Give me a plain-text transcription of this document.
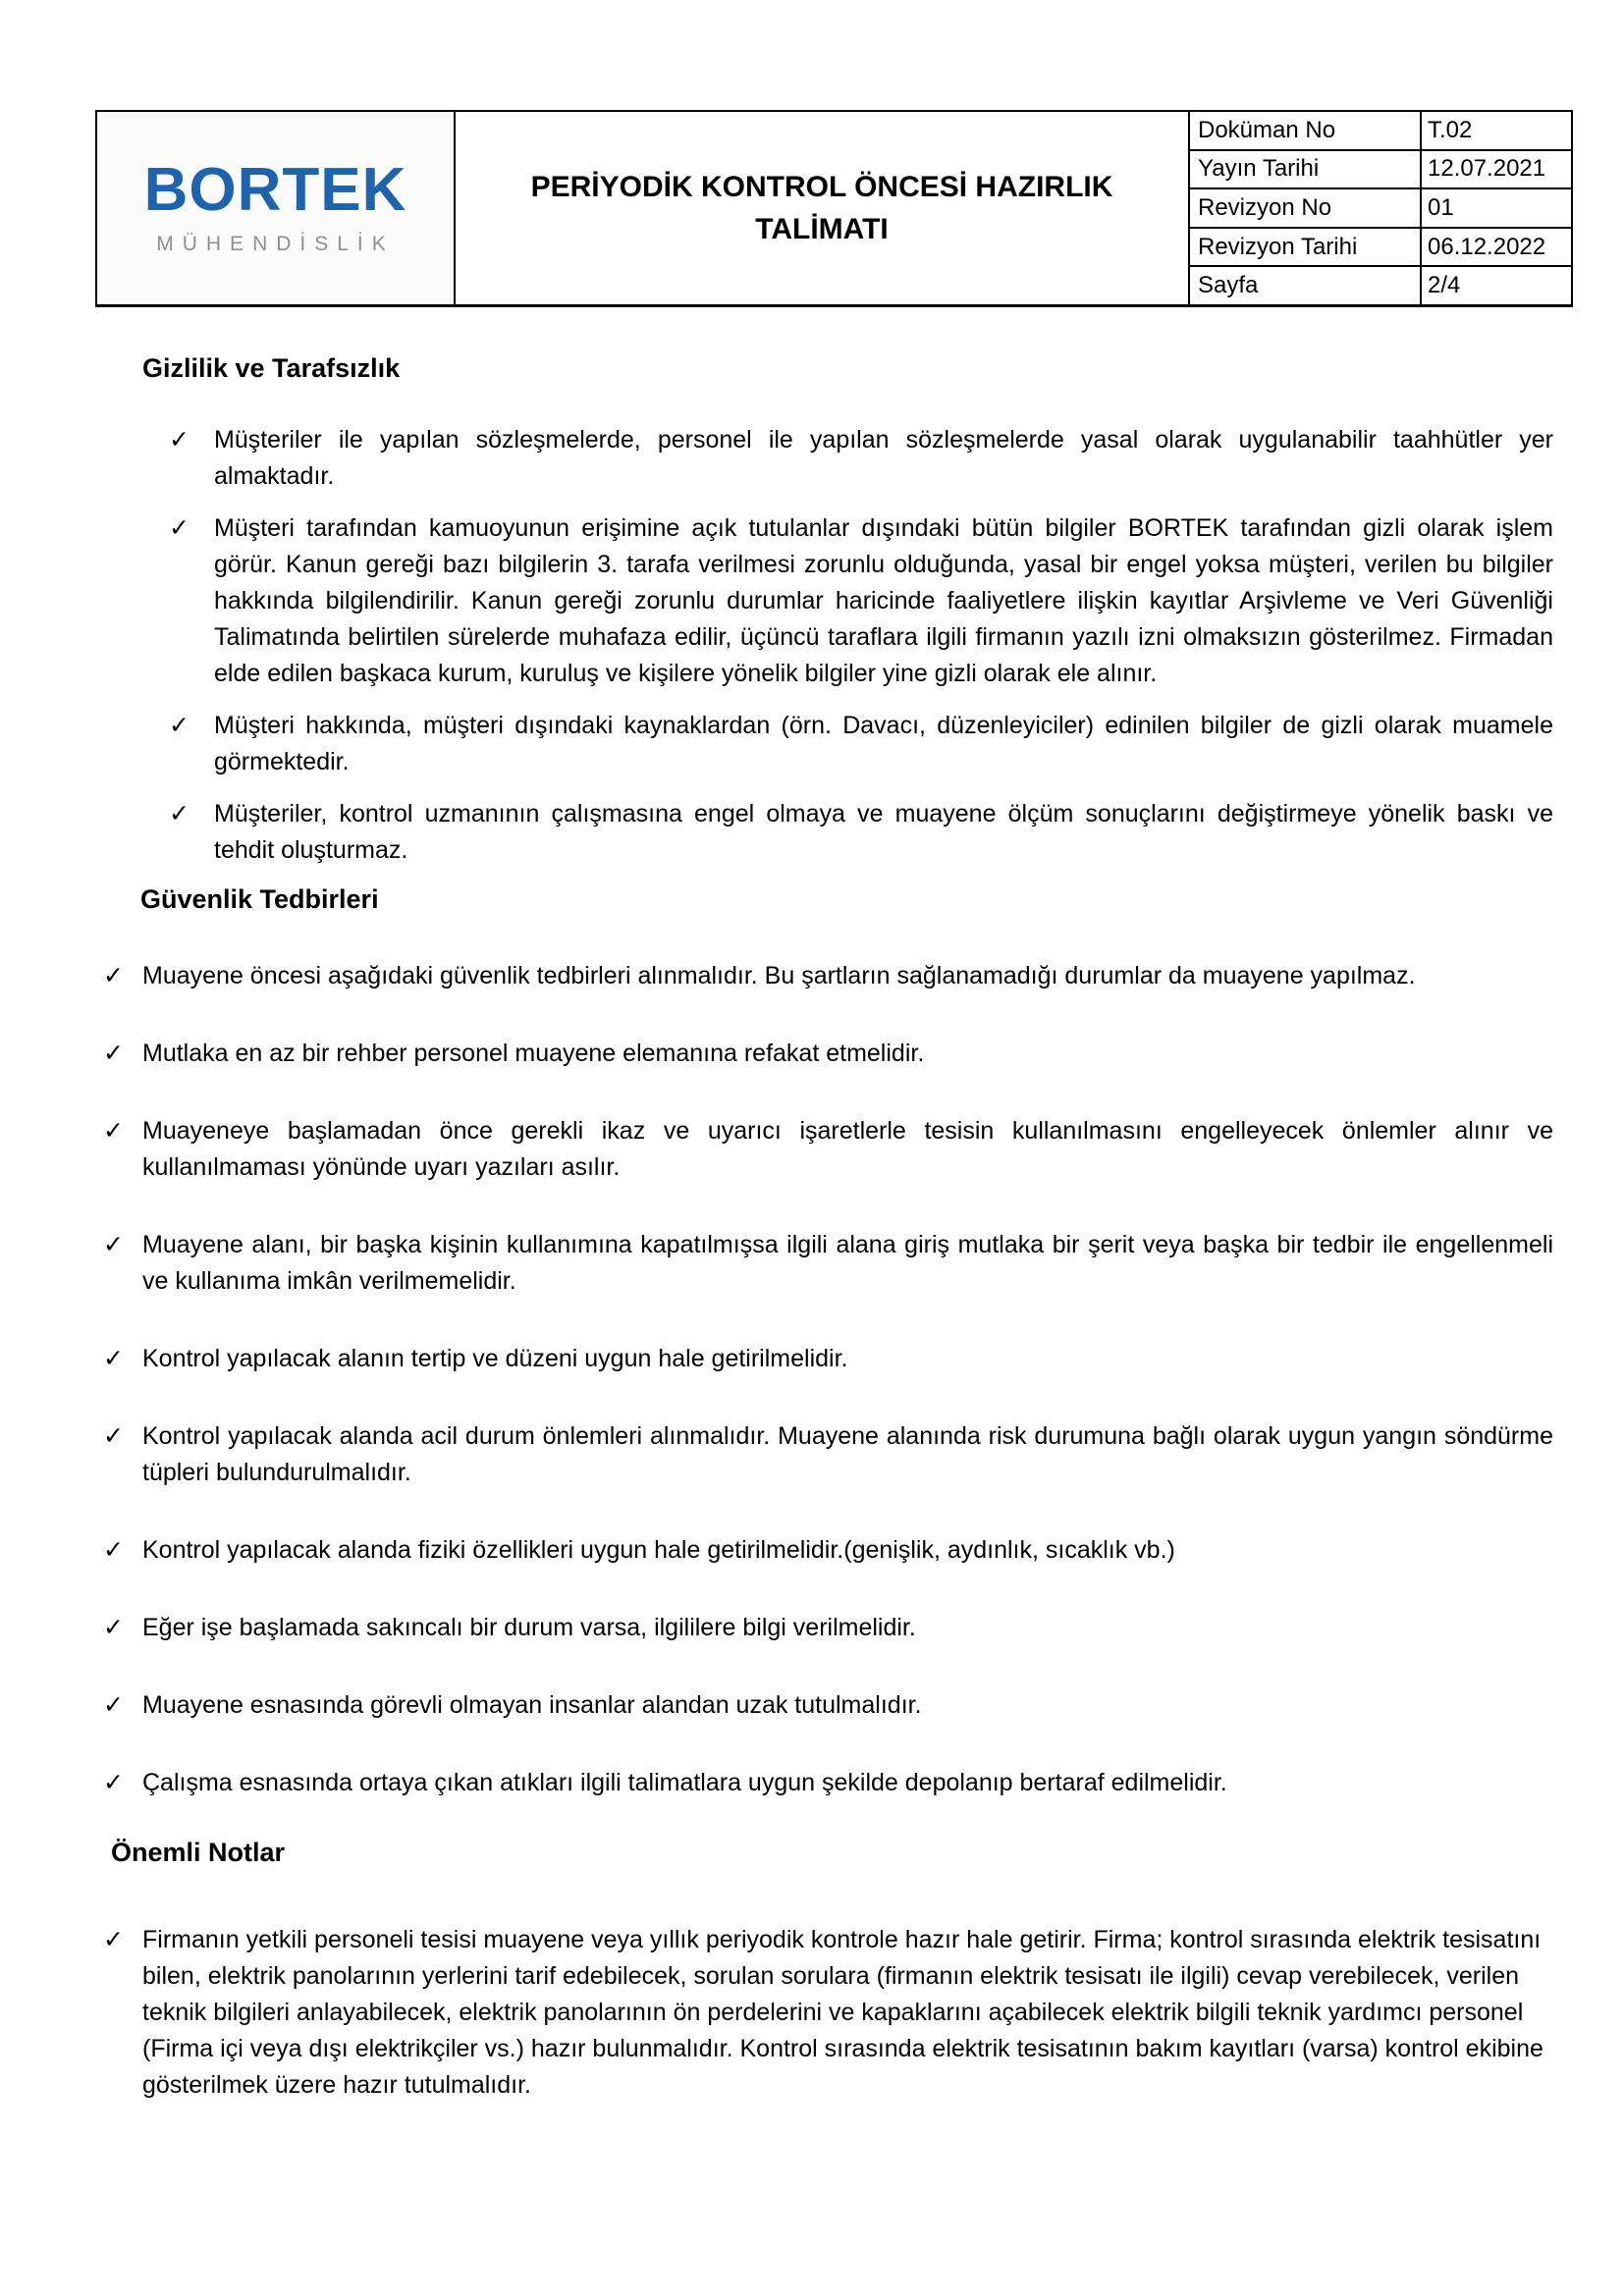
BORTEK
MÜHENDİSLİK
PERİYODİK KONTROL ÖNCESİ HAZIRLIK TALİMATI
Doküman No	T.02
Yayın Tarihi	12.07.2021
Revizyon No	01
Revizyon Tarihi	06.12.2022
Sayfa	2/4
Gizlilik ve Tarafsızlık
✓ Müşteriler ile yapılan sözleşmelerde, personel ile yapılan sözleşmelerde yasal olarak uygulanabilir taahhütler yer almaktadır.
✓ Müşteri tarafından kamuoyunun erişimine açık tutulanlar dışındaki bütün bilgiler BORTEK tarafından gizli olarak işlem görür. Kanun gereği bazı bilgilerin 3. tarafa verilmesi zorunlu olduğunda, yasal bir engel yoksa müşteri, verilen bu bilgiler hakkında bilgilendirilir. Kanun gereği zorunlu durumlar haricinde faaliyetlere ilişkin kayıtlar Arşivleme ve Veri Güvenliği Talimatında belirtilen sürelerde muhafaza edilir, üçüncü taraflara ilgili firmanın yazılı izni olmaksızın gösterilmez. Firmadan elde edilen başkaca kurum, kuruluş ve kişilere yönelik bilgiler yine gizli olarak ele alınır.
✓ Müşteri hakkında, müşteri dışındaki kaynaklardan (örn. Davacı, düzenleyiciler) edinilen bilgiler de gizli olarak muamele görmektedir.
✓ Müşteriler, kontrol uzmanının çalışmasına engel olmaya ve muayene ölçüm sonuçlarını değiştirmeye yönelik baskı ve tehdit oluşturmaz.
Güvenlik Tedbirleri
✓ Muayene öncesi aşağıdaki güvenlik tedbirleri alınmalıdır. Bu şartların sağlanamadığı durumlar da muayene yapılmaz.
✓ Mutlaka en az bir rehber personel muayene elemanına refakat etmelidir.
✓ Muayeneye başlamadan önce gerekli ikaz ve uyarıcı işaretlerle tesisin kullanılmasını engelleyecek önlemler alınır ve kullanılmaması yönünde uyarı yazıları asılır.
✓ Muayene alanı, bir başka kişinin kullanımına kapatılmışsa ilgili alana giriş mutlaka bir şerit veya başka bir tedbir ile engellenmeli ve kullanıma imkân verilmemelidir.
✓ Kontrol yapılacak alanın tertip ve düzeni uygun hale getirilmelidir.
✓ Kontrol yapılacak alanda acil durum önlemleri alınmalıdır. Muayene alanında risk durumuna bağlı olarak uygun yangın söndürme tüpleri bulundurulmalıdır.
✓ Kontrol yapılacak alanda fiziki özellikleri uygun hale getirilmelidir.(genişlik, aydınlık, sıcaklık vb.)
✓ Eğer işe başlamada sakıncalı bir durum varsa, ilgililere bilgi verilmelidir.
✓ Muayene esnasında görevli olmayan insanlar alandan uzak tutulmalıdır.
✓ Çalışma esnasında ortaya çıkan atıkları ilgili talimatlara uygun şekilde depolanıp bertaraf edilmelidir.
Önemli Notlar
✓ Firmanın yetkili personeli tesisi muayene veya yıllık periyodik kontrole hazır hale getirir. Firma; kontrol sırasında elektrik tesisatını bilen, elektrik panolarının yerlerini tarif edebilecek, sorulan sorulara (firmanın elektrik tesisatı ile ilgili) cevap verebilecek, verilen teknik bilgileri anlayabilecek, elektrik panolarının ön perdelerini ve kapaklarını açabilecek elektrik bilgili teknik yardımcı personel (Firma içi veya dışı elektrikçiler vs.) hazır bulunmalıdır. Kontrol sırasında elektrik tesisatının bakım kayıtları (varsa) kontrol ekibine gösterilmek üzere hazır tutulmalıdır.
